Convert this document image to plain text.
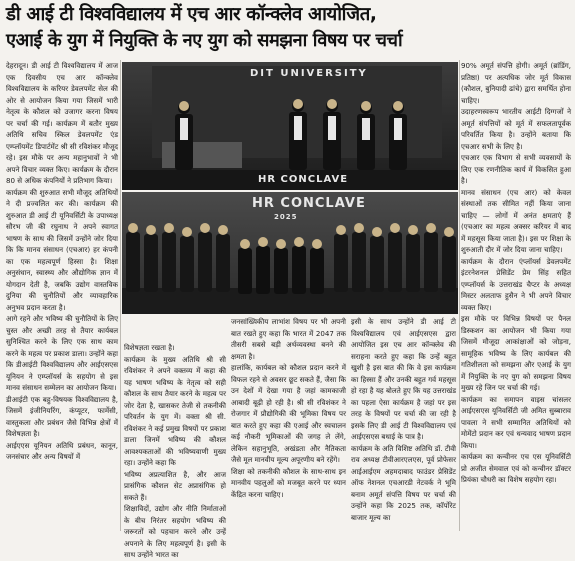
डी आई टी विश्वविद्यालय में एच आर कॉन्क्लेव आयोजित,
एआई के युग में नियुक्ति के नए युग को समझना विषय पर चर्चा

देहरादून। डी आई टी विश्वविद्यालय में आज एक दिवसीय एच आर कॉन्क्लेव विश्वविद्यालय के करियर डेवलपमेंट सेल की ओर से आयोजन किया गया जिसमें भारी नेतृत्व के कौशल को उजागर करना विषय पर चर्चा की गई। कार्यक्रम में बतौर मुख्य अतिथि सचिव स्किल डेवलपमेंट एंड एम्प्लॉयमेंट डिपार्टमेंट श्री सी रविशंकर मौजूद रहे। इस मौके पर अन्य महानुभावों ने भी अपने विचार व्यक्त किए। कार्यक्रम के दौरान 80 से अधिक कंपनियों ने प्रतिभाग किया।

कार्यक्रम की शुरुआत सभी मौजूद अतिथियों ने दी प्रज्वलित कर की। कार्यक्रम की शुरुआत डी आई टी यूनिवर्सिटी के उपाध्यक्ष सौरभ जी की रघुनाथ ने अपने स्वागत भाषण के साथ की जिसमें उन्होंने जोर दिया कि कि मानव संसाधन (एचआर) हर कंपनी का एक महत्वपूर्ण हिस्सा है। शिक्षा अनुसंधान, स्वास्थ्य और औद्योगिक ज्ञान में योगदान देती है, जबकि उद्योग वास्तविक दुनिया की चुनौतियों और व्यावहारिक अनुभव प्रदान करता है।

आगे रहने और भविष्य की चुनौतियों के लिए चुस्त और अच्छी तरह से तैयार कार्यबल सुनिश्चित करने के लिए एक साथ काम करने के महत्व पर प्रकाश डाला। उन्होंने कहा कि डीआईटी विश्वविद्यालय और आईएसएस यूनियन ने एम्प्लॉयर्स के सहयोग से इस मानव संसाधन सम्मेलन का आयोजन किया।

डीआईटी एक बहु-विषयक विश्वविद्यालय है, जिसमें इंजीनियरिंग, कंप्यूटर, फार्मेसी, वास्तुकला और प्रबंधन जैसे विभिन्न क्षेत्रों में विशेषज्ञता है।

आईएएस यूनियन अतिथि प्रबंधन, कानून, जनसंचार और अन्य विषयों में

DIT UNIVERSITY
HR CONCLAVE
HR CONCLAVE
2025

विशेषज्ञता रखता है।

कार्यक्रम के मुख्य अतिथि श्री सी रविशंकर ने अपने वक्तव्य में कहा की यह भाषण भविष्य के नेतृत्व को सही कौशल के साथ तैयार करने के महत्व पर जोर देता है, खासकर तेजी से तकनीकी परिवर्तन के युग में। वक्ता श्री सी. रविशंकर ने कई प्रमुख विषयों पर प्रकाश डाला जिनमें भविष्य की कौशल आवश्यकताओं की भविष्यवाणी मुख्य रहा। उन्होंने कहा कि

भविष्य अप्रत्याशित है, और आज प्रासंगिक कौशल सेट अप्रासंगिक हो सकते हैं।

शिक्षाविदों, उद्योग और नीति निर्माताओं के बीच निरंतर सहयोग भविष्य की जरूरतों को पहचान करने और उन्हें अपनाने के लिए महत्वपूर्ण है। इसी के साथ उन्होंने भारत का

जनसांख्यिकीय लाभांश विषय पर भी अपनी बात रखते हुए कहा कि भारत में 2047 तक तीसरी सबसे बड़ी अर्थव्यवस्था बनने की क्षमता है।

हालांकि, कार्यबल को कौशल प्रदान करने में विफल रहने से अवसर छूट सकते हैं, जैसा कि उन देशों में देखा गया है जहां कामकाजी आबादी बूढ़ी हो रही है। श्री सी रविशंकर ने रोजगार में प्रौद्योगिकी की भूमिका विषय पर बात करते हुए कहा की एआई और स्वचालन कई नौकरी भूमिकाओं की जगह ले लेंगे, लेकिन सहानुभूति, अखंडता और नैतिकता जैसे मूल मानवीय मूल्य अपूरणीय बने रहेंगे।

शिक्षा को तकनीकी कौशल के साथ-साथ इन मानवीय पहलुओं को मजबूत करने पर ध्यान केंद्रित करना चाहिए।

इसी के साथ उन्होंने डी आई टी विश्वविद्यालय एवं आईएसएस द्वारा आयोजित इस एच आर कॉन्क्लेव की सराहना करते हुए कहा कि उन्हें बहुत खुशी है इस बात की कि वे इस कार्यक्रम का हिस्सा हैं और उनकी बहुत गर्व महसूस हो रहा है यह बोलते हुए कि यह उत्तराखंड का पहला ऐसा कार्यक्रम है जहां पर इस तरह के विषयों पर चर्चा की जा रही है इसके लिए डी आई टी विश्वविद्यालय एवं आईएसएस बधाई के पात्र है।

कार्यक्रम के अति विशिष्ट अतिथि डॉ. टीवी राव अध्यक्ष टीवीआरएलएस, पूर्व प्रोफेसर आईआईएम अहमदाबाद फाउंडर प्रेसिडेंट ऑफ नेशनल एचआरडी नेटवर्क ने भूमि बनाम अमूर्त संपत्ति विषय पर चर्चा की उन्होंने कहा कि 2025 तक, कॉर्पोरेट बाजार मूल्य का

90% अमूर्त संपत्ति होगी। अमूर्त (ब्रांडिंग, प्रतिष्ठा) पर अत्यधिक जोर मूर्त विकास (कौशल, बुनियादी ढांचे) द्वारा समर्थित होना चाहिए।

उदाहरणस्वरूप भारतीय आईटी दिग्गजों ने अमूर्त संपत्तियों को मूर्त में सफलतापूर्वक परिवर्तित किया है। उन्होंने बताया कि एचआर सभी के लिए है।

एचआर एक विभाग से सभी व्यवसायों के लिए एक रणनीतिक कार्य में विकसित हुआ है।

मानव संसाधन (एच आर) को केवल संस्थाओं तक सीमित नहीं किया जाना चाहिए — लोगों में अनंत क्षमताएं हैं (एचआर का महत्व अक्सर करियर में बाद में महसूस किया जाता है)। इस पर शिक्षा के शुरुआती दौर में जोर दिया जाना चाहिए।

कार्यक्रम के दौरान एंप्लॉयर्स डेवलपमेंट इंटरनेशनल प्रेसिडेंट प्रेम सिंह सहित एम्प्लॉयर्स के उत्तराखंड चैप्टर के अध्यक्ष मिस्टर अलताफ हुसैन ने भी अपने विचार व्यक्त किए।

इस मौके पर विभिन्न विषयों पर पैनल डिस्कशन का आयोजन भी किया गया जिसमें मौजूदा आकांक्षाओं को जोड़ना, सामूहिक भविष्य के लिए कार्यबल की गतिशीलता को समझना और एआई के युग में नियुक्ति के नए युग को समझना विषय मुख्य रहे जिन पर चर्चा की गई।

कार्यक्रम का समापन वाइस चांसलर आईएसएस यूनिवर्सिटी जी अमित सुब्बाराव पावला ने सभी सम्मानित अतिथियों को मोमेंटो प्रदान कर एवं धन्यवाद भाषण प्रदान किया।

कार्यक्रम का कन्वीनर एच एस यूनिवर्सिटी प्रो अजीत सेमवाल एवं को कन्वीनर डॉक्टर प्रियंका चौधरी का विशेष सहयोग रहा।
